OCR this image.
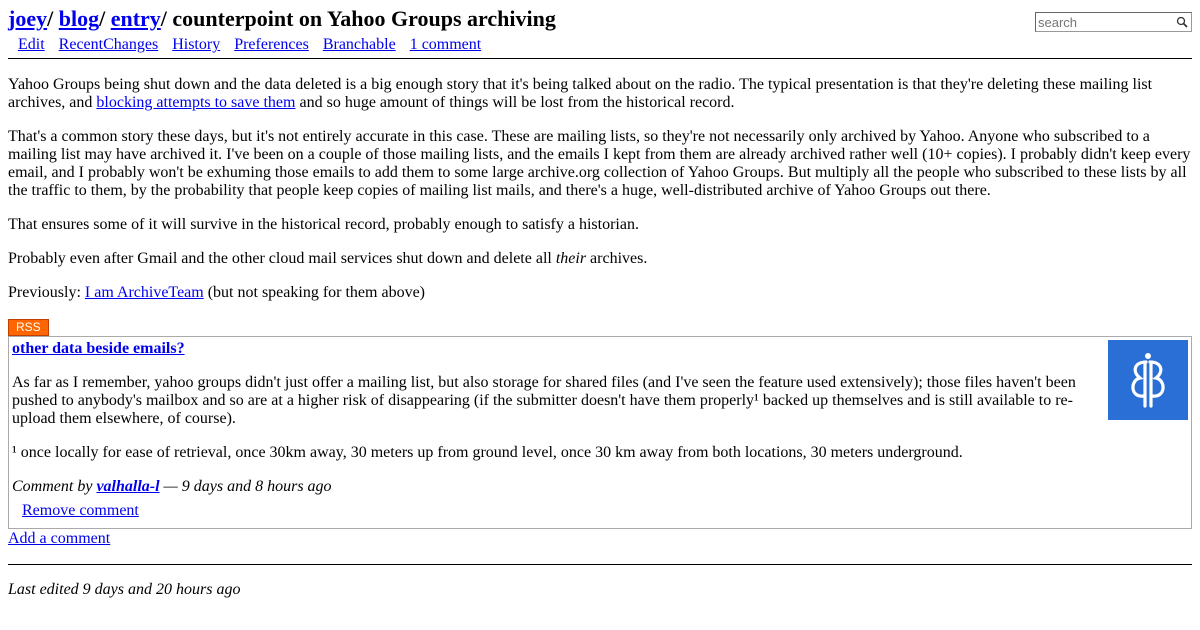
joey/ blog/ entry/ counterpoint on Yahoo Groups archiving
Edit RecentChanges History Preferences Branchable 1 comment
search

Yahoo Groups being shut down and the data deleted is a big enough story that it's being talked about on the radio. The typical presentation is that they're deleting these mailing list archives, and blocking attempts to save them and so huge amount of things will be lost from the historical record.

That's a common story these days, but it's not entirely accurate in this case. These are mailing lists, so they're not necessarily only archived by Yahoo. Anyone who subscribed to a mailing list may have archived it. I've been on a couple of those mailing lists, and the emails I kept from them are already archived rather well (10+ copies). I probably didn't keep every email, and I probably won't be exhuming those emails to add them to some large archive.org collection of Yahoo Groups. But multiply all the people who subscribed to these lists by all the traffic to them, by the probability that people keep copies of mailing list mails, and there's a huge, well-distributed archive of Yahoo Groups out there.

That ensures some of it will survive in the historical record, probably enough to satisfy a historian.

Probably even after Gmail and the other cloud mail services shut down and delete all their archives.

Previously: I am ArchiveTeam (but not speaking for them above)

RSS
other data beside emails?

As far as I remember, yahoo groups didn't just offer a mailing list, but also storage for shared files (and I've seen the feature used extensively); those files haven't been pushed to anybody's mailbox and so are at a higher risk of disappearing (if the submitter doesn't have them properly¹ backed up themselves and is still available to re-upload them elsewhere, of course).

¹ once locally for ease of retrieval, once 30km away, 30 meters up from ground level, once 30 km away from both locations, 30 meters underground.

Comment by valhalla-l — 9 days and 8 hours ago
Remove comment
Add a comment
Last edited 9 days and 20 hours ago
